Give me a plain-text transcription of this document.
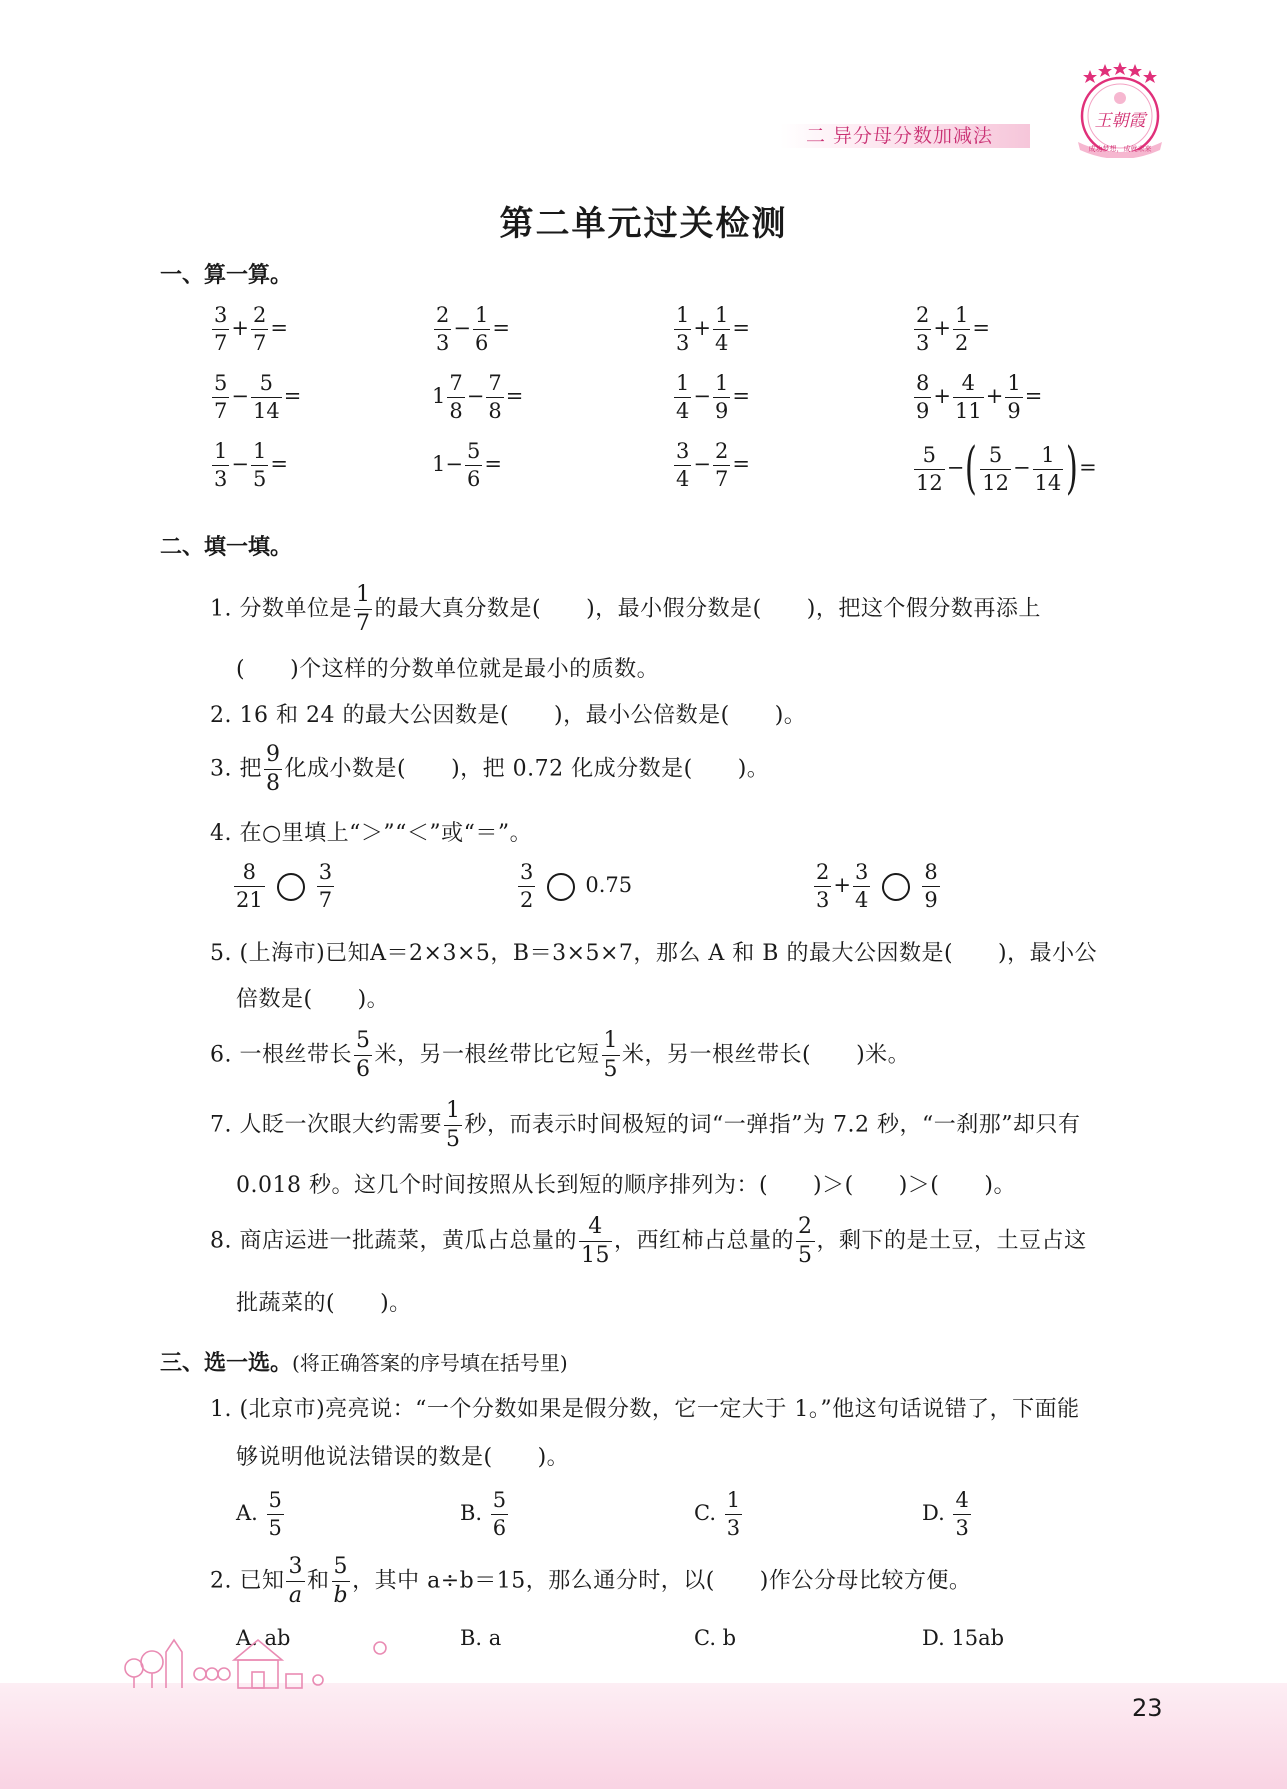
二 异分母分数加减法
王朝霞
成功梦想，成就未来
第二单元过关检测
一、算一算。
$\frac{3}{7} + \frac{2}{7}$ =	$\frac{2}{3} - \frac{1}{6}$ =	$\frac{1}{3} + \frac{1}{4}$ =	$\frac{2}{3} + \frac{1}{2}$ =
$\frac{5}{7} - \frac{5}{14}$ =	$1 \frac{7}{8} - \frac{7}{8}$ =	$\frac{1}{4} - \frac{1}{9}$ =	$\frac{8}{9} + \frac{4}{11} + \frac{1}{9}$ =
$\frac{1}{3} - \frac{1}{5}$ =	$1- \frac{5}{6}$ =	$\frac{3}{4} - \frac{2}{7}$ =	$\frac{5}{12}$ −( $\frac{5}{12} - \frac{1}{14}$ )=
二、填一填。
1. 分数单位是 $\frac{1}{7}$ 的最大真分数是(　　)，最小假分数是(　　)，把这个假分数再添上
(　　)个这样的分数单位就是最小的质数。
2. 16 和 24 的最大公因数是(　　)，最小公倍数是(　　)。
3. 把 $\frac{9}{8}$ 化成小数是(　　)，把 0.72 化成分数是(　　)。
4. 在○里填上“＞”“＜”或“＝”。
$\frac{8}{21} \frac{3}{7}$	$\frac{3}{2} 0.75$	$\frac{2}{3} + \frac{3}{4} \frac{8}{9}$
5. (上海市)已知A＝2×3×5，B＝3×5×7，那么 A 和 B 的最大公因数是(　　)，最小公
倍数是(　　)。
6. 一根丝带长 $\frac{5}{6}$ 米，另一根丝带比它短 $\frac{1}{5}$ 米，另一根丝带长(　　)米。
7. 人眨一次眼大约需要 $\frac{1}{5}$ 秒，而表示时间极短的词“一弹指”为 7.2 秒，“一刹那”却只有
0.018 秒。这几个时间按照从长到短的顺序排列为：(　　)＞(　　)＞(　　)。
8. 商店运进一批蔬菜，黄瓜占总量的 $\frac{4}{15}$ ，西红柿占总量的 $\frac{2}{5}$ ，剩下的是土豆，土豆占这
批蔬菜的(　　)。
三、选一选。(将正确答案的序号填在括号里)
1. (北京市)亮亮说：“一个分数如果是假分数，它一定大于 1。”他这句话说错了，下面能
够说明他说法错误的数是(　　)。
A. $\frac{5}{5}$	B. $\frac{5}{6}$	C. $\frac{1}{3}$	D. $\frac{4}{3}$
2. 已知 $\frac{3}{a}$ 和 $\frac{5}{b}$ ，其中 a÷b＝15，那么通分时，以(　　)作公分母比较方便。
A. ab	B. a	C. b	D. 15ab
23
